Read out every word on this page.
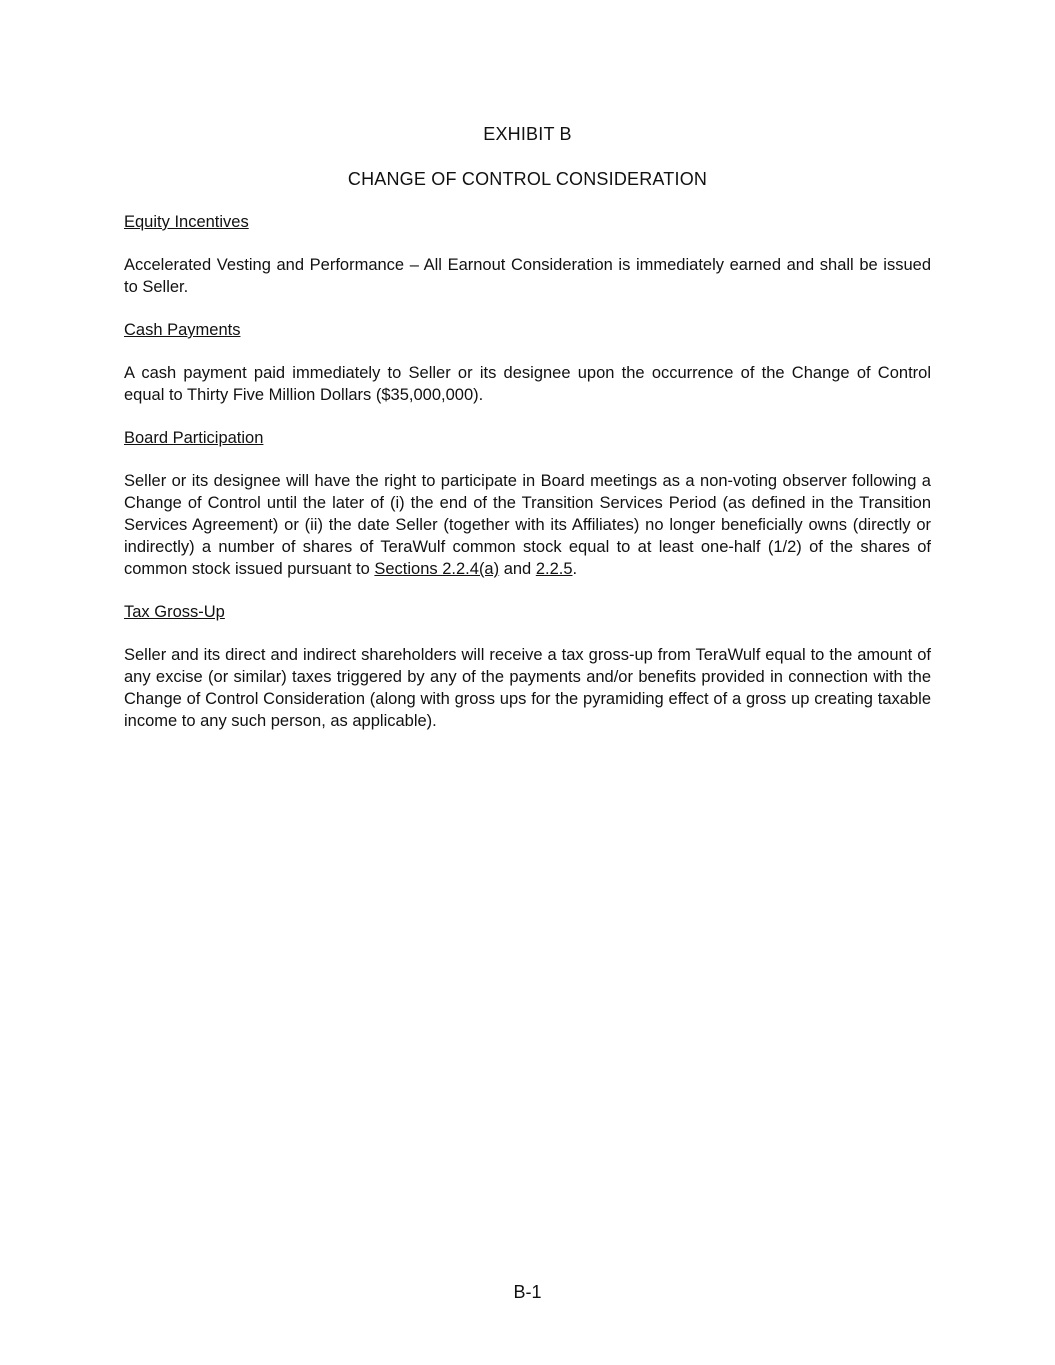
EXHIBIT B
CHANGE OF CONTROL CONSIDERATION

Equity Incentives

Accelerated Vesting and Performance – All Earnout Consideration is immediately earned and shall be issued to Seller.

Cash Payments

A cash payment paid immediately to Seller or its designee upon the occurrence of the Change of Control equal to Thirty Five Million Dollars ($35,000,000).

Board Participation

Seller or its designee will have the right to participate in Board meetings as a non-voting observer following a Change of Control until the later of (i) the end of the Transition Services Period (as defined in the Transition Services Agreement) or (ii) the date Seller (together with its Affiliates) no longer beneficially owns (directly or indirectly) a number of shares of TeraWulf common stock equal to at least one-half (1/2) of the shares of common stock issued pursuant to Sections 2.2.4(a) and 2.2.5.

Tax Gross-Up

Seller and its direct and indirect shareholders will receive a tax gross-up from TeraWulf equal to the amount of any excise (or similar) taxes triggered by any of the payments and/or benefits provided in connection with the Change of Control Consideration (along with gross ups for the pyramiding effect of a gross up creating taxable income to any such person, as applicable).

B-1
